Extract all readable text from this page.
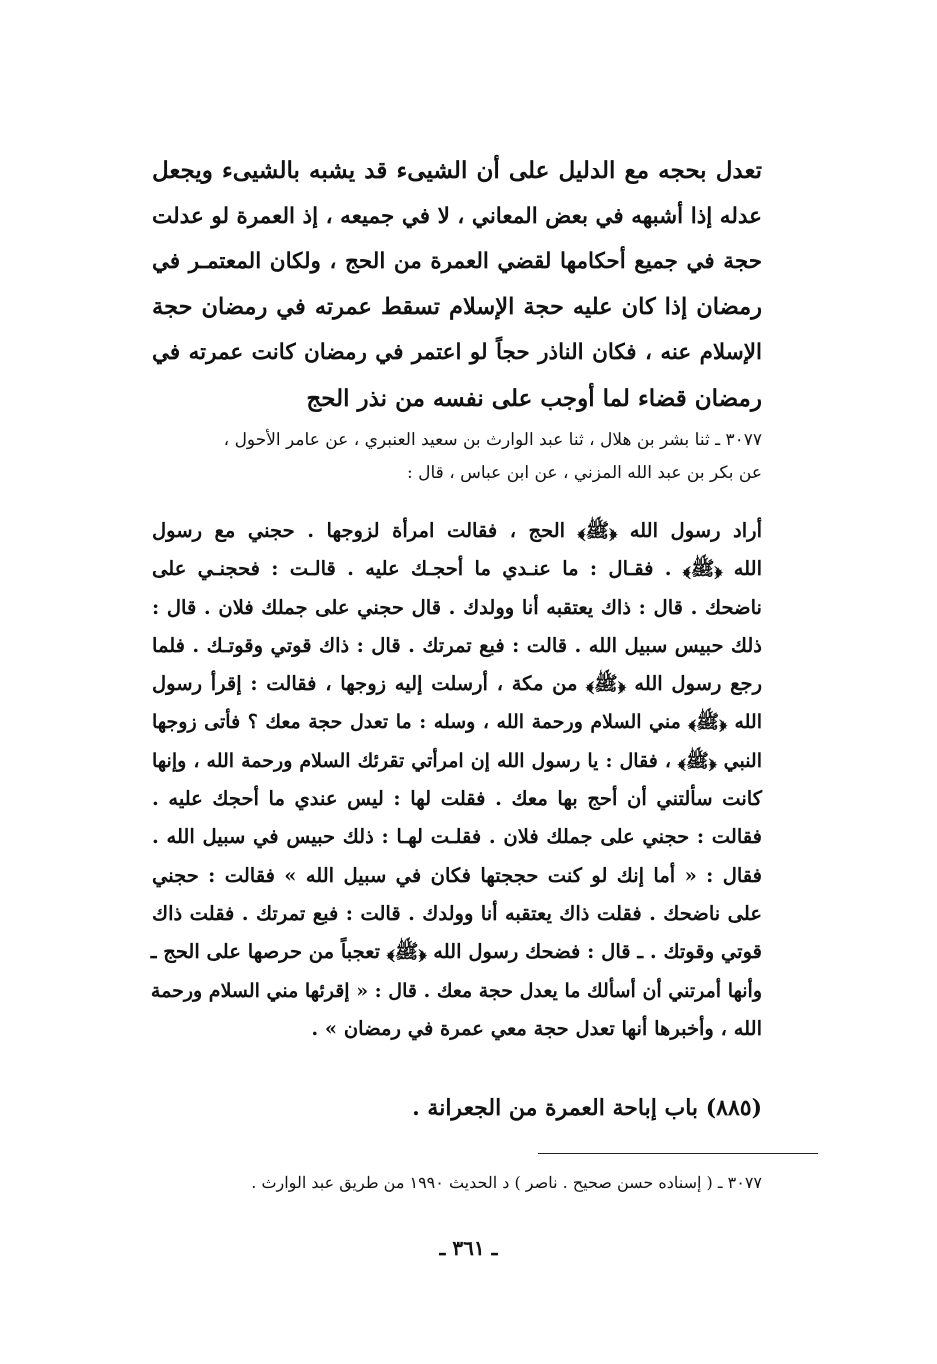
تعدل بحجه مع الدليل على أن الشيىء قد يشبه بالشيىء ويجعل
عدله إذا أشبهه في بعض المعاني ، لا في جميعه ، إذ العمرة لو عدلت
حجة في جميع أحكامها لقضي العمرة من الحج ، ولكان المعتمـر في
رمضان إذا كان عليه حجة الإسلام تسقط عمرته في رمضان حجة
الإسلام عنه ، فكان الناذر حجاً لو اعتمر في رمضان كانت عمرته في
رمضان قضاء لما أوجب على نفسه من نذر الحج
٣٠٧٧ ـ ثنا بشر بن هلال ، ثنا عبد الوارث بن سعيد العنبري ، عن عامر الأحول ،
عن بكر بن عبد الله المزني ، عن ابن عباس ، قال :
أراد رسول الله ﴿ﷺ﴾ الحج ، فقالت امرأة لزوجها . حجني مع رسول
الله ﴿ﷺ﴾ . فقـال : ما عنـدي ما أحجـك عليه . قالـت : فحجنـي على
ناضحك . قال : ذاك يعتقبه أنا وولدك . قال حجني على جملك فلان . قال :
ذلك حبيس سبيل الله . قالت : فبع تمرتك . قال : ذاك قوتي وقوتـك . فلما
رجع رسول الله ﴿ﷺ﴾ من مكة ، أرسلت إليه زوجها ، فقالت : إقرأ رسول
الله ﴿ﷺ﴾ مني السلام ورحمة الله ، وسله : ما تعدل حجة معك ؟ فأتى زوجها
النبي ﴿ﷺ﴾ ، فقال : يا رسول الله إن امرأتي تقرئك السلام ورحمة الله ، وإنها
كانت سألتني أن أحج بها معك . فقلت لها : ليس عندي ما أحجك عليه .
فقالت : حجني على جملك فلان . فقلـت لهـا : ذلك حبيس في سبيل الله .
فقال : « أما إنك لو كنت حججتها فكان في سبيل الله » فقالت : حجني
على ناضحك . فقلت ذاك يعتقبه أنا وولدك . قالت : فبع تمرتك . فقلت ذاك
قوتي وقوتك . ـ قال : فضحك رسول الله ﴿ﷺ﴾ تعجباً من حرصها على الحج ـ
وأنها أمرتني أن أسألك ما يعدل حجة معك . قال : « إقرئها مني السلام ورحمة
الله ، وأخبرها أنها تعدل حجة معي عمرة في رمضان » .
(٨٨٥) باب إباحة العمرة من الجعرانة .
٣٠٧٧ ـ ( إسناده حسن صحيح . ناصر ) د الحديث ١٩٩٠ من طريق عبد الوارث .
ـ ٣٦١ ـ
